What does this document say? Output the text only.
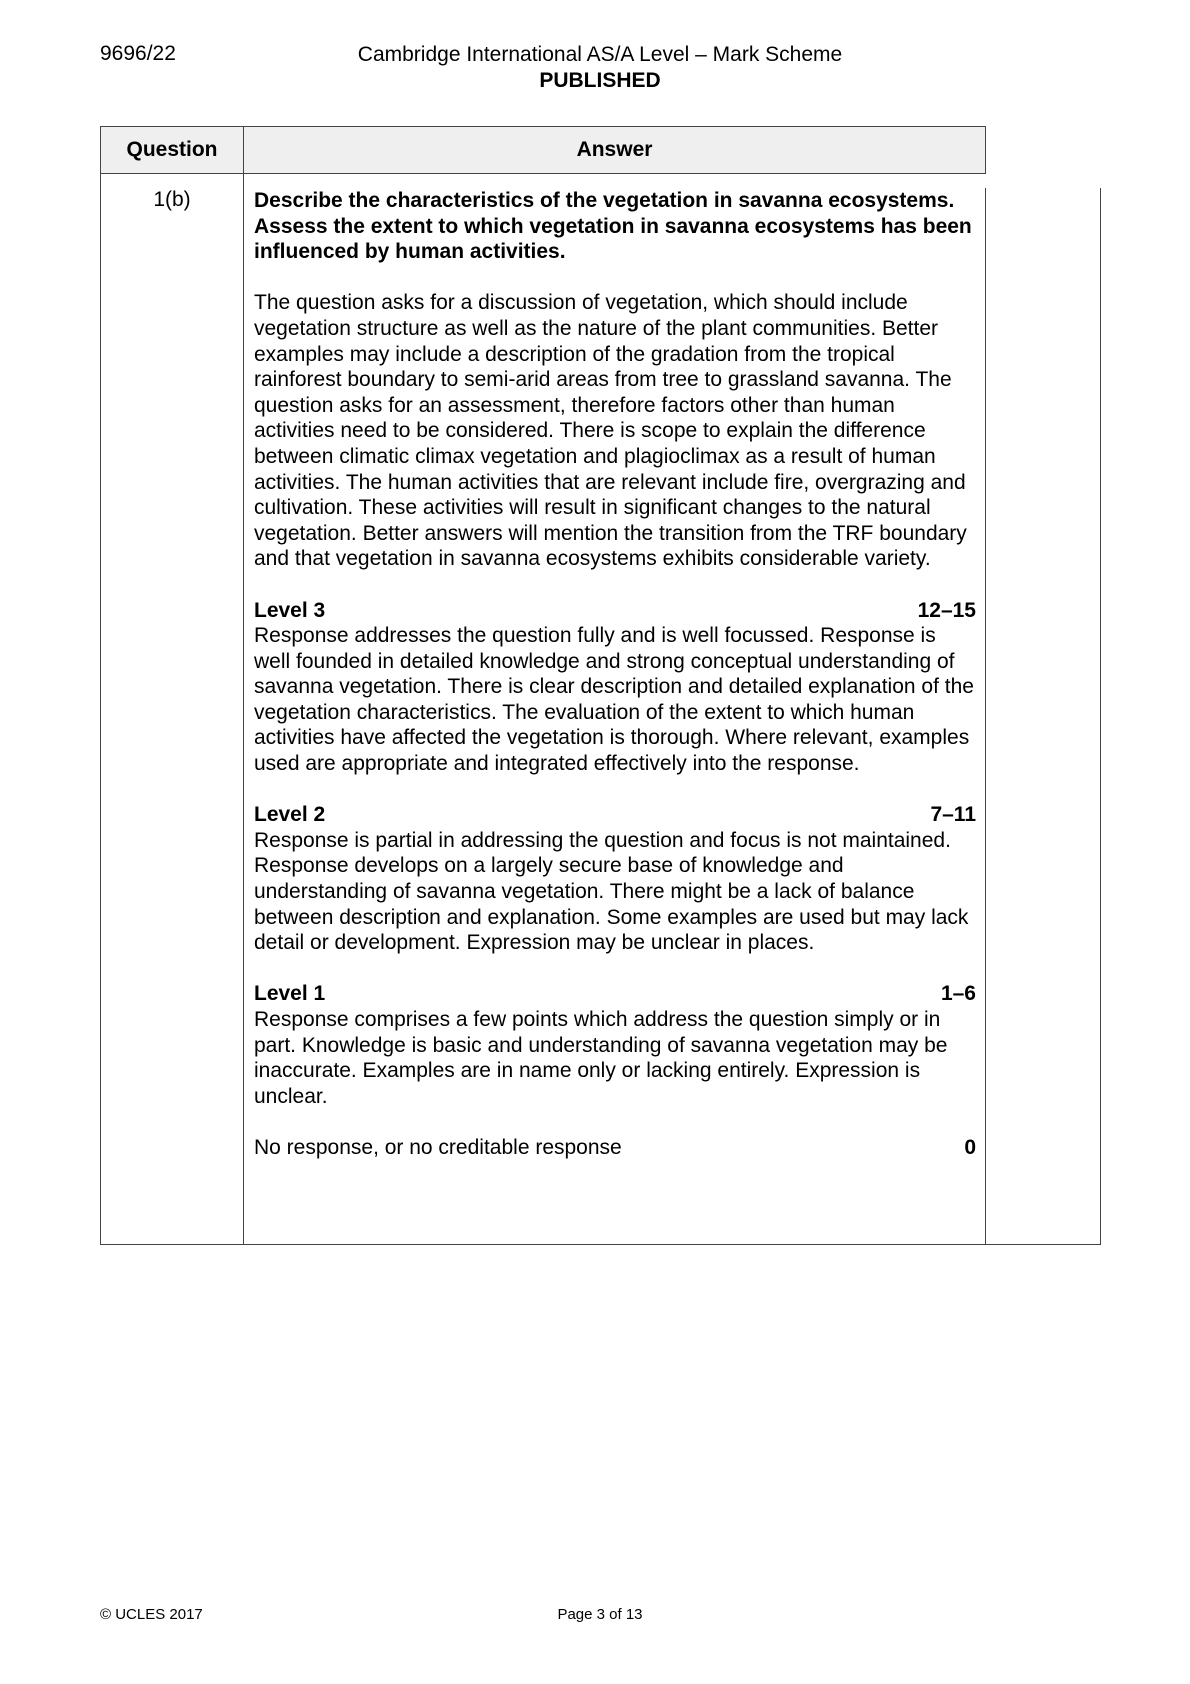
9696/22	Cambridge International AS/A Level – Mark Scheme
PUBLISHED
Question	Answer
1(b)	Describe the characteristics of the vegetation in savanna ecosystems. Assess the extent to which vegetation in savanna ecosystems has been influenced by human activities.

The question asks for a discussion of vegetation, which should include vegetation structure as well as the nature of the plant communities. Better examples may include a description of the gradation from the tropical rainforest boundary to semi-arid areas from tree to grassland savanna. The question asks for an assessment, therefore factors other than human activities need to be considered. There is scope to explain the difference between climatic climax vegetation and plagioclimax as a result of human activities. The human activities that are relevant include fire, overgrazing and cultivation. These activities will result in significant changes to the natural vegetation. Better answers will mention the transition from the TRF boundary and that vegetation in savanna ecosystems exhibits considerable variety.

Level 3	12–15

Response addresses the question fully and is well focussed. Response is well founded in detailed knowledge and strong conceptual understanding of savanna vegetation. There is clear description and detailed explanation of the vegetation characteristics. The evaluation of the extent to which human activities have affected the vegetation is thorough. Where relevant, examples used are appropriate and integrated effectively into the response.

Level 2	7–11

Response is partial in addressing the question and focus is not maintained. Response develops on a largely secure base of knowledge and understanding of savanna vegetation. There might be a lack of balance between description and explanation. Some examples are used but may lack detail or development. Expression may be unclear in places.

Level 1	1–6

Response comprises a few points which address the question simply or in part. Knowledge is basic and understanding of savanna vegetation may be inaccurate. Examples are in name only or lacking entirely. Expression is unclear.

No response, or no creditable response	0
© UCLES 2017	Page 3 of 13
